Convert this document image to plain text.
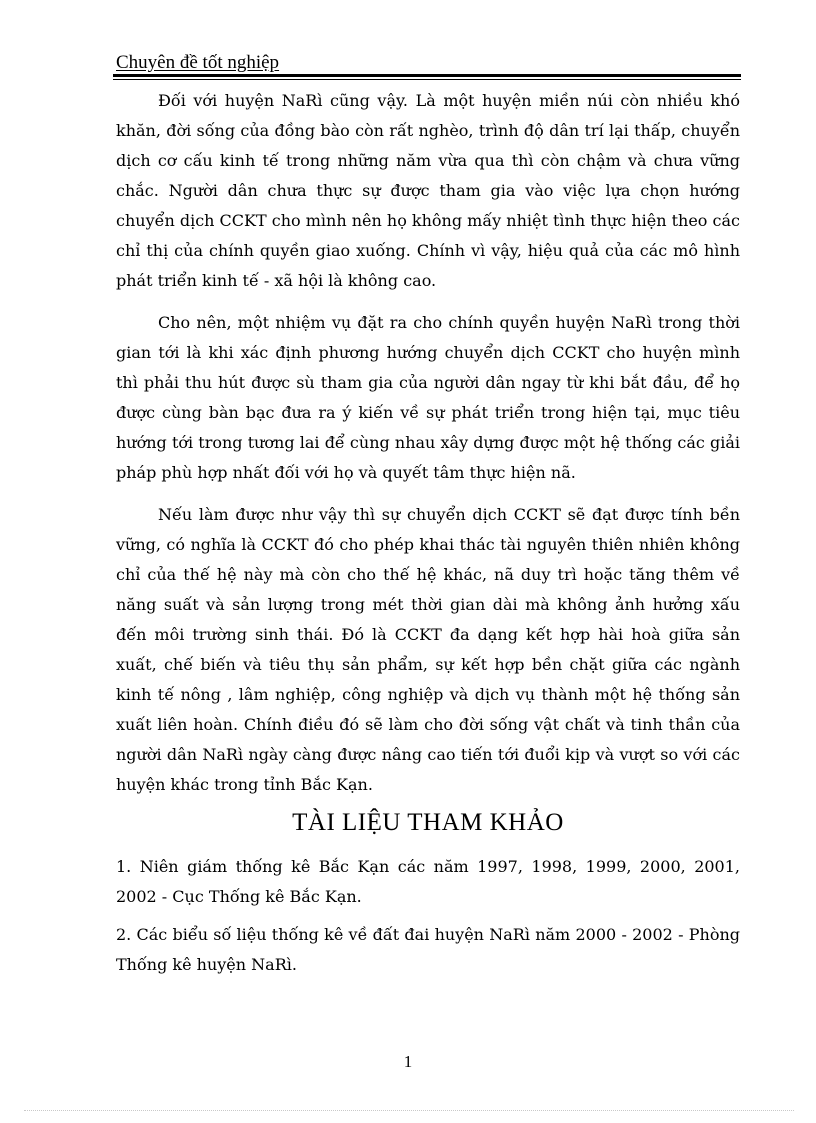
Chuyên đề tốt nghiệp

Đối với huyện NaRì cũng vậy. Là một huyện miền núi còn nhiều khó khăn, đời sống của đồng bào còn rất nghèo, trình độ dân trí lại thấp, chuyển dịch cơ cấu kinh tế trong những năm vừa qua thì còn chậm và chưa vững chắc. Người dân chưa thực sự được tham gia vào việc lựa chọn hướng chuyển dịch CCKT cho mình nên họ không mấy nhiệt tình thực hiện theo các chỉ thị của chính quyền giao xuống. Chính vì vậy, hiệu quả của các mô hình phát triển kinh tế - xã hội là không cao.

Cho nên, một nhiệm vụ đặt ra cho chính quyền huyện NaRì trong thời gian tới là khi xác định phương hướng chuyển dịch CCKT cho huyện mình thì phải thu hút được sù tham gia của người dân ngay từ khi bắt đầu, để họ được cùng bàn bạc đưa ra ý kiến về sự phát triển trong hiện tại, mục tiêu hướng tới trong tương lai để cùng nhau xây dựng được một hệ thống các giải pháp phù hợp nhất đối với họ và quyết tâm thực hiện nã.

Nếu làm được như vậy thì sự chuyển dịch CCKT sẽ đạt được tính bền vững, có nghĩa là CCKT đó cho phép khai thác tài nguyên thiên nhiên không chỉ của thế hệ này mà còn cho thế hệ khác, nã duy trì hoặc tăng thêm về năng suất và sản lượng trong mét thời gian dài mà không ảnh hưởng xấu đến môi trường sinh thái. Đó là CCKT đa dạng kết hợp hài hoà giữa sản xuất, chế biến và tiêu thụ sản phẩm, sự kết hợp bền chặt giữa các ngành kinh tế nông , lâm nghiệp, công nghiệp và dịch vụ thành một hệ thống sản xuất liên hoàn. Chính điều đó sẽ làm cho đời sống vật chất và tinh thần của người dân NaRì ngày càng được nâng cao tiến tới đuổi kịp và vượt so với các huyện khác trong tỉnh Bắc Kạn.

TÀI LIỆU THAM KHẢO

1. Niên giám thống kê Bắc Kạn các năm 1997, 1998, 1999, 2000, 2001, 2002 - Cục Thống kê Bắc Kạn.

2. Các biểu số liệu thống kê về đất đai huyện NaRì năm 2000 - 2002 - Phòng Thống kê huyện NaRì.

1
